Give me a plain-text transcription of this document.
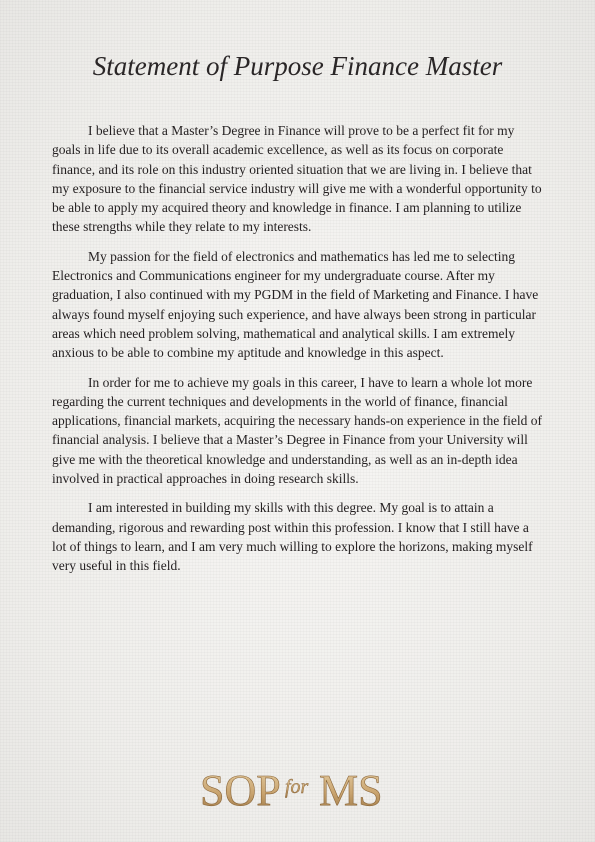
Statement of Purpose Finance Master

I believe that a Master’s Degree in Finance will prove to be a perfect fit for my goals in life due to its overall academic excellence, as well as its focus on corporate finance, and its role on this industry oriented situation that we are living in. I believe that my exposure to the financial service industry will give me with a wonderful opportunity to be able to apply my acquired theory and knowledge in finance. I am planning to utilize these strengths while they relate to my interests.

My passion for the field of electronics and mathematics has led me to selecting Electronics and Communications engineer for my undergraduate course. After my graduation, I also continued with my PGDM in the field of Marketing and Finance. I have always found myself enjoying such experience, and have always been strong in particular areas which need problem solving, mathematical and analytical skills. I am extremely anxious to be able to combine my aptitude and knowledge in this aspect.

In order for me to achieve my goals in this career, I have to learn a whole lot more regarding the current techniques and developments in the world of finance, financial applications, financial markets, acquiring the necessary hands-on experience in the field of financial analysis. I believe that a Master’s Degree in Finance from your University will give me with the theoretical knowledge and understanding, as well as an in-depth idea involved in practical approaches in doing research skills.

I am interested in building my skills with this degree. My goal is to attain a demanding, rigorous and rewarding post within this profession. I know that I still have a lot of things to learn, and I am very much willing to explore the horizons, making myself very useful in this field.

SOP for MS
